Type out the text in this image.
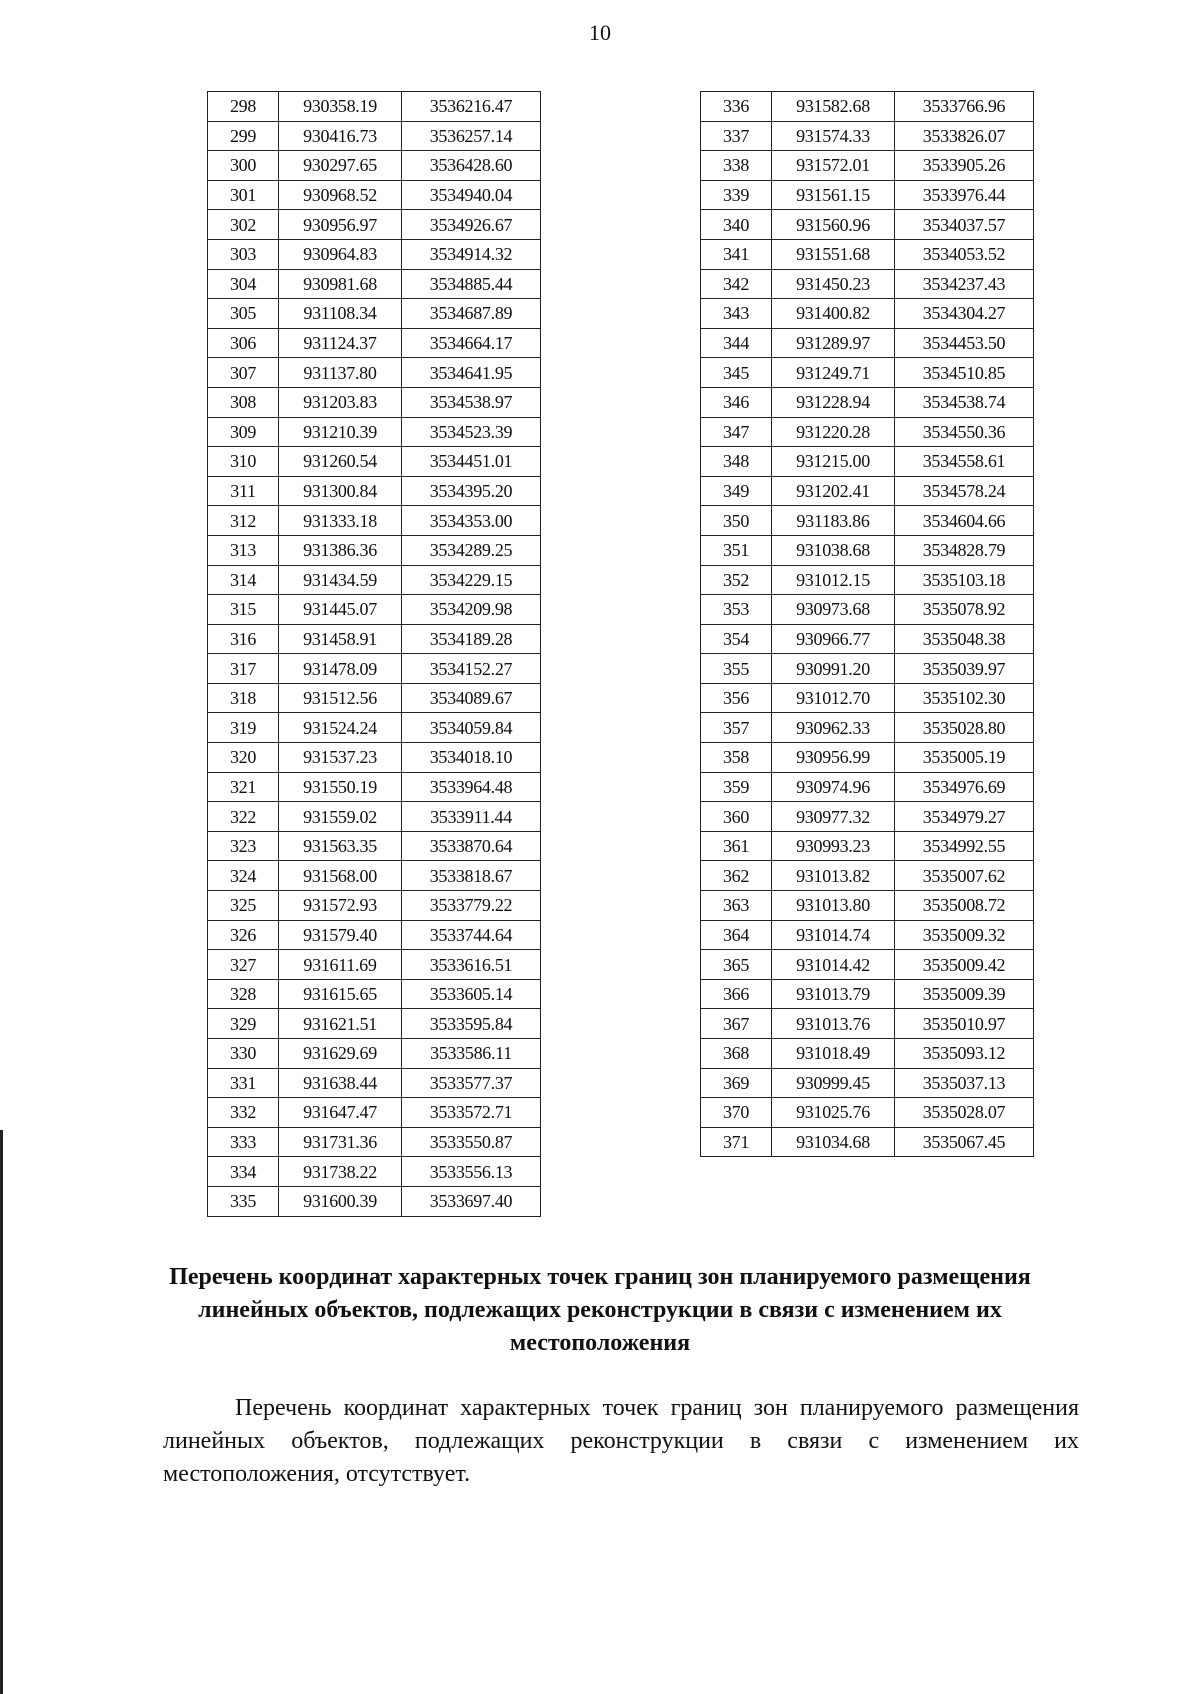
10
298	930358.19	3536216.47
299	930416.73	3536257.14
300	930297.65	3536428.60
301	930968.52	3534940.04
302	930956.97	3534926.67
303	930964.83	3534914.32
304	930981.68	3534885.44
305	931108.34	3534687.89
306	931124.37	3534664.17
307	931137.80	3534641.95
308	931203.83	3534538.97
309	931210.39	3534523.39
310	931260.54	3534451.01
311	931300.84	3534395.20
312	931333.18	3534353.00
313	931386.36	3534289.25
314	931434.59	3534229.15
315	931445.07	3534209.98
316	931458.91	3534189.28
317	931478.09	3534152.27
318	931512.56	3534089.67
319	931524.24	3534059.84
320	931537.23	3534018.10
321	931550.19	3533964.48
322	931559.02	3533911.44
323	931563.35	3533870.64
324	931568.00	3533818.67
325	931572.93	3533779.22
326	931579.40	3533744.64
327	931611.69	3533616.51
328	931615.65	3533605.14
329	931621.51	3533595.84
330	931629.69	3533586.11
331	931638.44	3533577.37
332	931647.47	3533572.71
333	931731.36	3533550.87
334	931738.22	3533556.13
335	931600.39	3533697.40
336	931582.68	3533766.96
337	931574.33	3533826.07
338	931572.01	3533905.26
339	931561.15	3533976.44
340	931560.96	3534037.57
341	931551.68	3534053.52
342	931450.23	3534237.43
343	931400.82	3534304.27
344	931289.97	3534453.50
345	931249.71	3534510.85
346	931228.94	3534538.74
347	931220.28	3534550.36
348	931215.00	3534558.61
349	931202.41	3534578.24
350	931183.86	3534604.66
351	931038.68	3534828.79
352	931012.15	3535103.18
353	930973.68	3535078.92
354	930966.77	3535048.38
355	930991.20	3535039.97
356	931012.70	3535102.30
357	930962.33	3535028.80
358	930956.99	3535005.19
359	930974.96	3534976.69
360	930977.32	3534979.27
361	930993.23	3534992.55
362	931013.82	3535007.62
363	931013.80	3535008.72
364	931014.74	3535009.32
365	931014.42	3535009.42
366	931013.79	3535009.39
367	931013.76	3535010.97
368	931018.49	3535093.12
369	930999.45	3535037.13
370	931025.76	3535028.07
371	931034.68	3535067.45
Перечень координат характерных точек границ зон планируемого размещения линейных объектов, подлежащих реконструкции в связи с изменением их местоположения
Перечень координат характерных точек границ зон планируемого размещения линейных объектов, подлежащих реконструкции в связи с изменением их местоположения, отсутствует.
